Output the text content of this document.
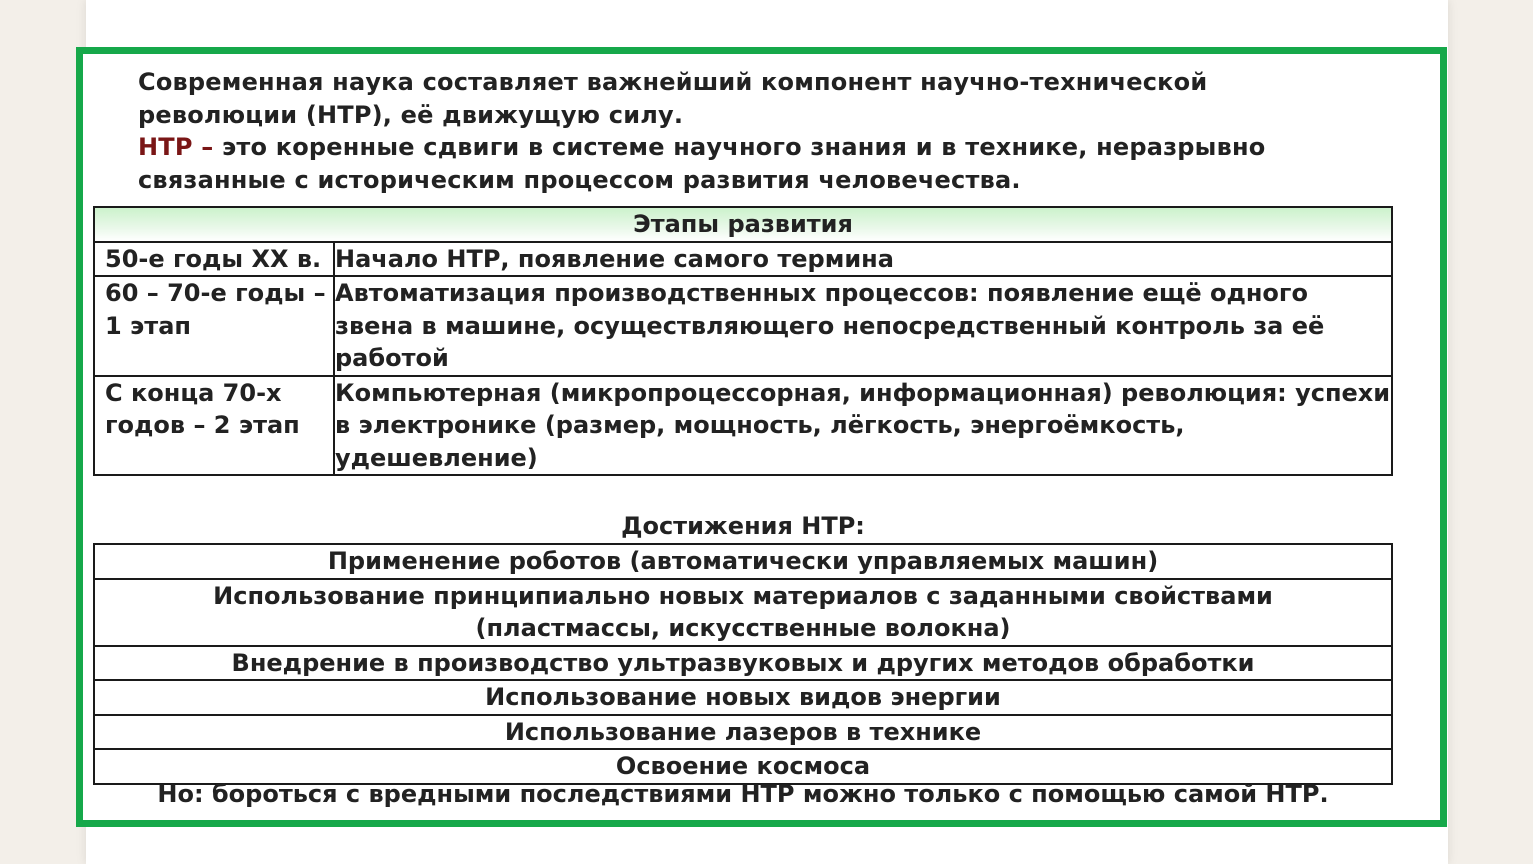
Современная наука составляет важнейший компонент научно-технической революции (НТР), её движущую силу.

НТР – это коренные сдвиги в системе научного знания и в технике, неразрывно связанные с историческим процессом развития человечества.

Этапы развития	
50-е годы XX в.	Начало НТР, появление самого термина
60 – 70-е годы – 1 этап	Автоматизация производственных процессов: появление ещё одного звена в машине, осуществляющего непосредственный контроль за её работой
С конца 70-х годов – 2 этап	Компьютерная (микропроцессорная, информационная) революция: успехи в электронике (размер, мощность, лёгкость, энергоёмкость, удешевление)
Достижения НТР:
Применение роботов (автоматически управляемых машин)
Использование принципиально новых материалов с заданными свойствами (пластмассы, искусственные волокна)
Внедрение в производство ультразвуковых и других методов обработки
Использование новых видов энергии
Использование лазеров в технике
Освоение космоса
Но: бороться с вредными последствиями НТР можно только с помощью самой НТР.
